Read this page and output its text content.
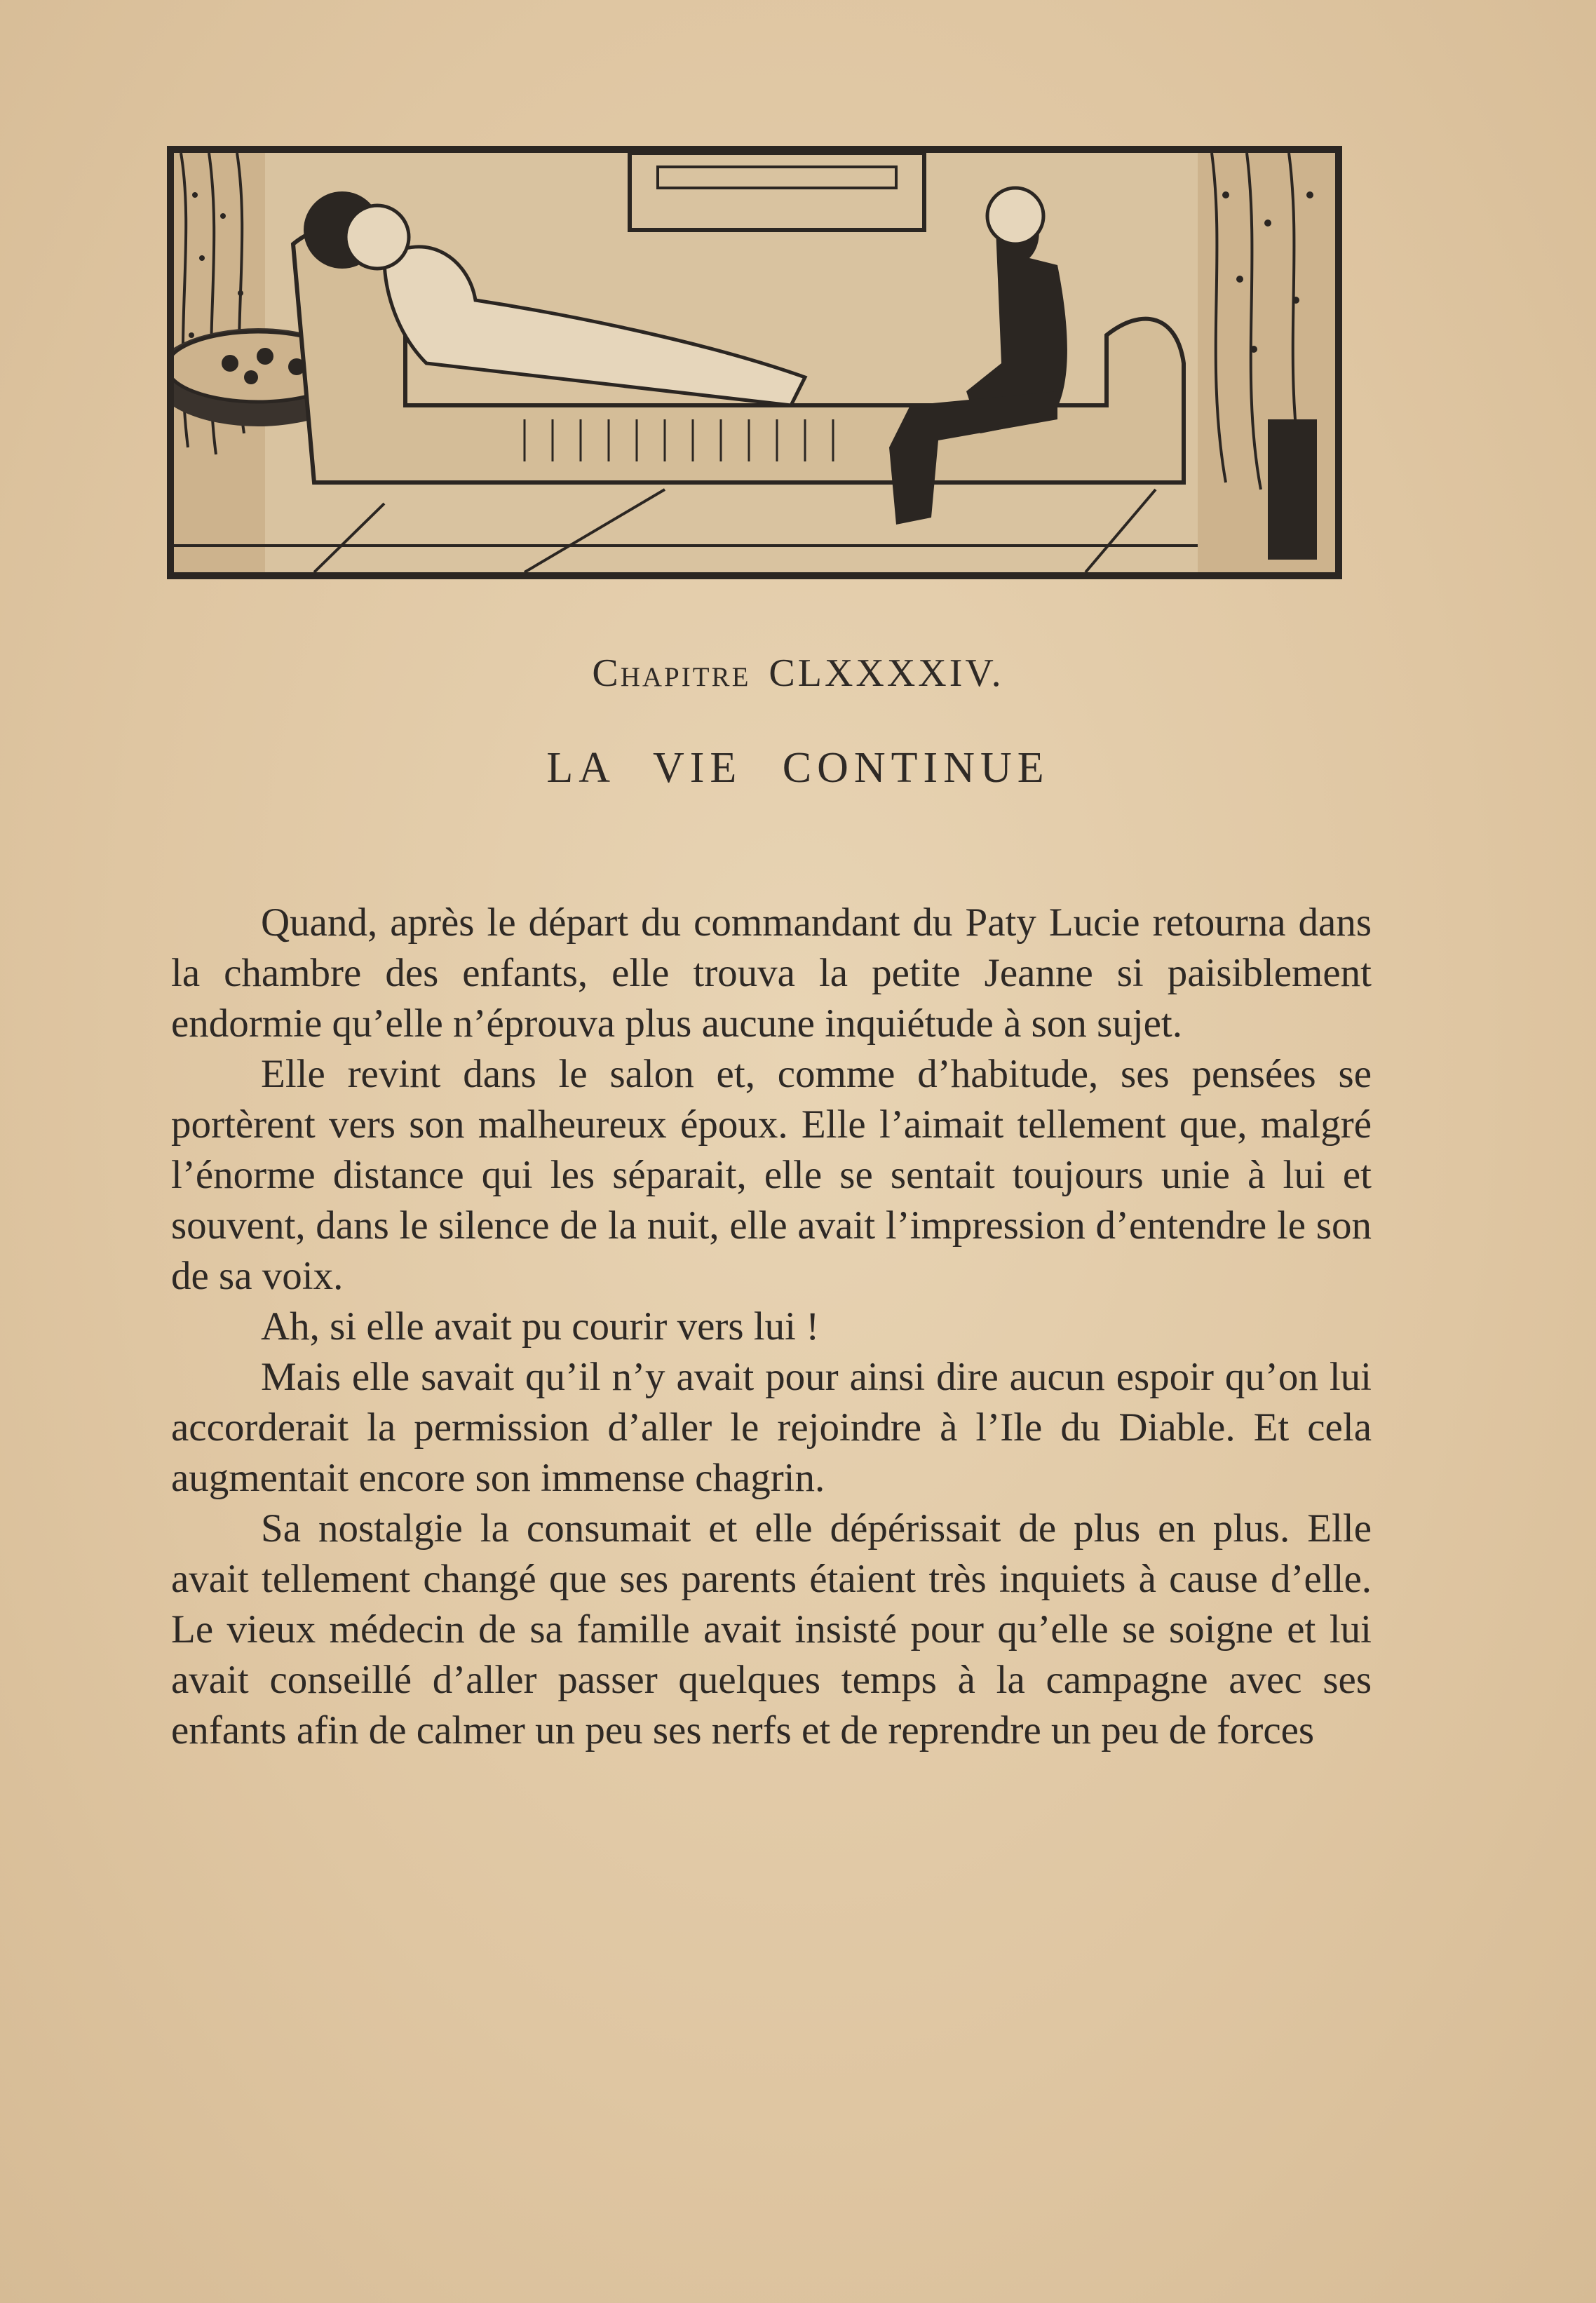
Chapitre CLXXXXIV.
LA VIE CONTINUE

Quand, après le départ du commandant du Paty Lucie retourna dans la chambre des enfants, elle trouva la petite Jeanne si paisiblement endormie qu’elle n’éprouva plus aucune inquiétude à son sujet.

Elle revint dans le salon et, comme d’habitude, ses pensées se portèrent vers son malheureux époux. Elle l’aimait tellement que, malgré l’énorme distance qui les séparait, elle se sentait toujours unie à lui et souvent, dans le silence de la nuit, elle avait l’impression d’entendre le son de sa voix.

Ah, si elle avait pu courir vers lui !

Mais elle savait qu’il n’y avait pour ainsi dire aucun espoir qu’on lui accorderait la permission d’aller le rejoindre à l’Ile du Diable. Et cela augmentait encore son immense chagrin.

Sa nostalgie la consumait et elle dépérissait de plus en plus. Elle avait tellement changé que ses parents étaient très inquiets à cause d’elle. Le vieux médecin de sa famille avait insisté pour qu’elle se soigne et lui avait conseillé d’aller passer quelques temps à la campagne avec ses enfants afin de calmer un peu ses nerfs et de reprendre un peu de forces
